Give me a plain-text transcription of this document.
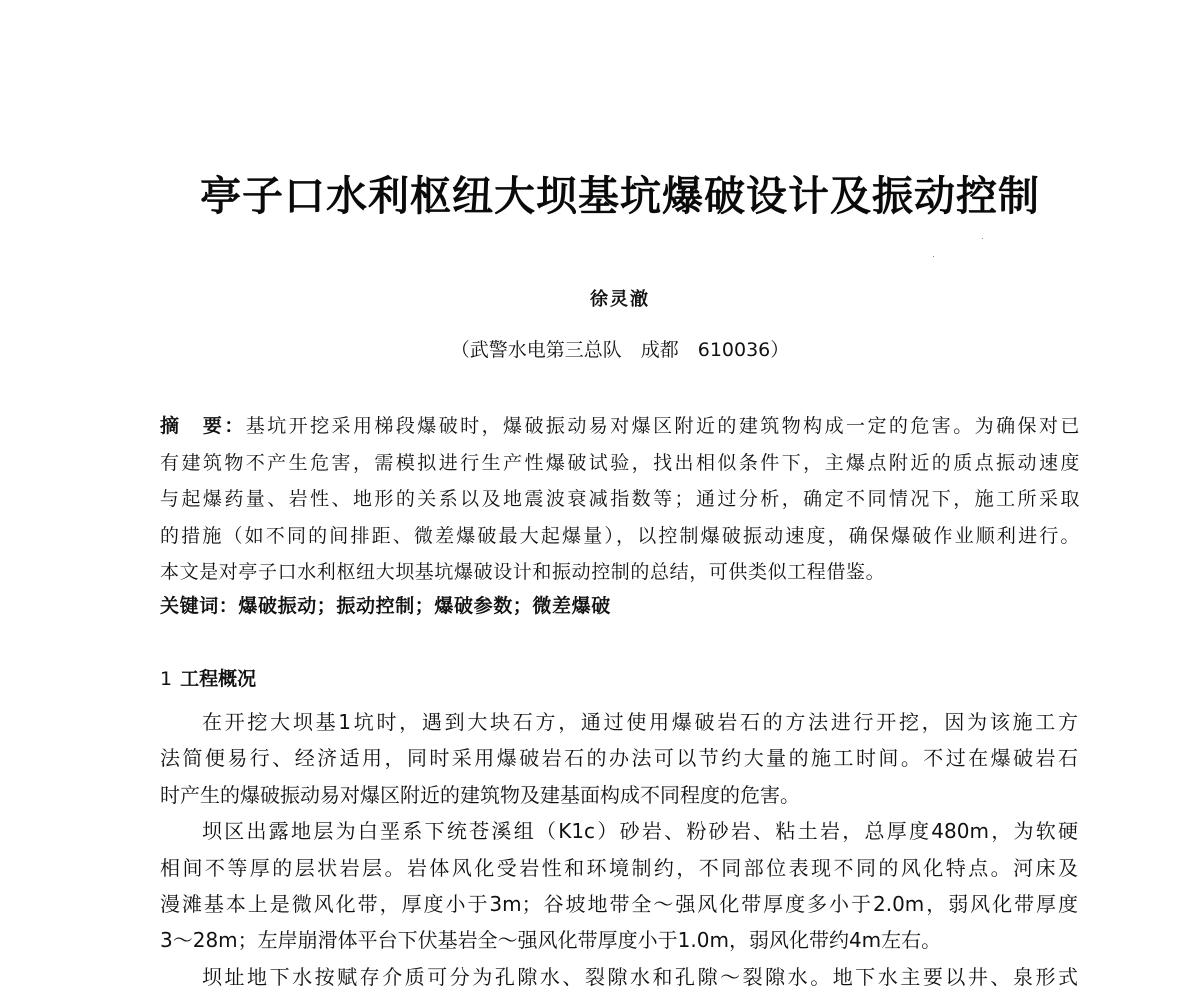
亭子口水利枢纽大坝基坑爆破设计及振动控制
徐灵澈
（武警水电第三总队　成都　610036）
摘　要：基坑开挖采用梯段爆破时，爆破振动易对爆区附近的建筑物构成一定的危害。为确保对已
有建筑物不产生危害，需模拟进行生产性爆破试验，找出相似条件下，主爆点附近的质点振动速度
与起爆药量、岩性、地形的关系以及地震波衰减指数等；通过分析，确定不同情况下，施工所采取
的措施（如不同的间排距、微差爆破最大起爆量），以控制爆破振动速度，确保爆破作业顺利进行。
本文是对亭子口水利枢纽大坝基坑爆破设计和振动控制的总结，可供类似工程借鉴。
关键词：爆破振动；振动控制；爆破参数；微差爆破
1 工程概况
在开挖大坝基1坑时，遇到大块石方，通过使用爆破岩石的方法进行开挖，因为该施工方
法简便易行、经济适用，同时采用爆破岩石的办法可以节约大量的施工时间。不过在爆破岩石
时产生的爆破振动易对爆区附近的建筑物及建基面构成不同程度的危害。
坝区出露地层为白垩系下统苍溪组（K1c）砂岩、粉砂岩、粘土岩，总厚度480m，为软硬
相间不等厚的层状岩层。岩体风化受岩性和环境制约，不同部位表现不同的风化特点。河床及
漫滩基本上是微风化带，厚度小于3m；谷坡地带全～强风化带厚度多小于2.0m，弱风化带厚度
3～28m；左岸崩滑体平台下伏基岩全～强风化带厚度小于1.0m，弱风化带约4m左右。
坝址地下水按赋存介质可分为孔隙水、裂隙水和孔隙～裂隙水。地下水主要以井、泉形式
